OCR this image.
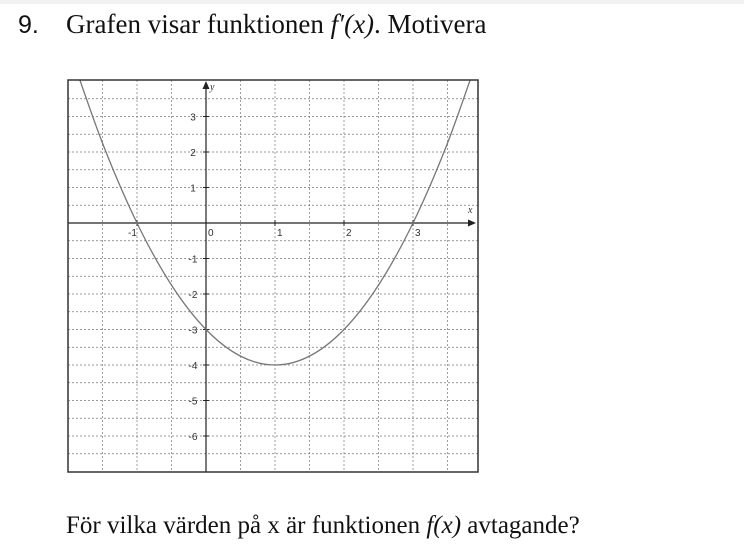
9. Grafen visar funktionen f′(x). Motivera
x
y
-1	0	1	2	3
3
2
1
-1
-2
-3
-4
-5
-6
För vilka värden på x är funktionen f(x) avtagande?
